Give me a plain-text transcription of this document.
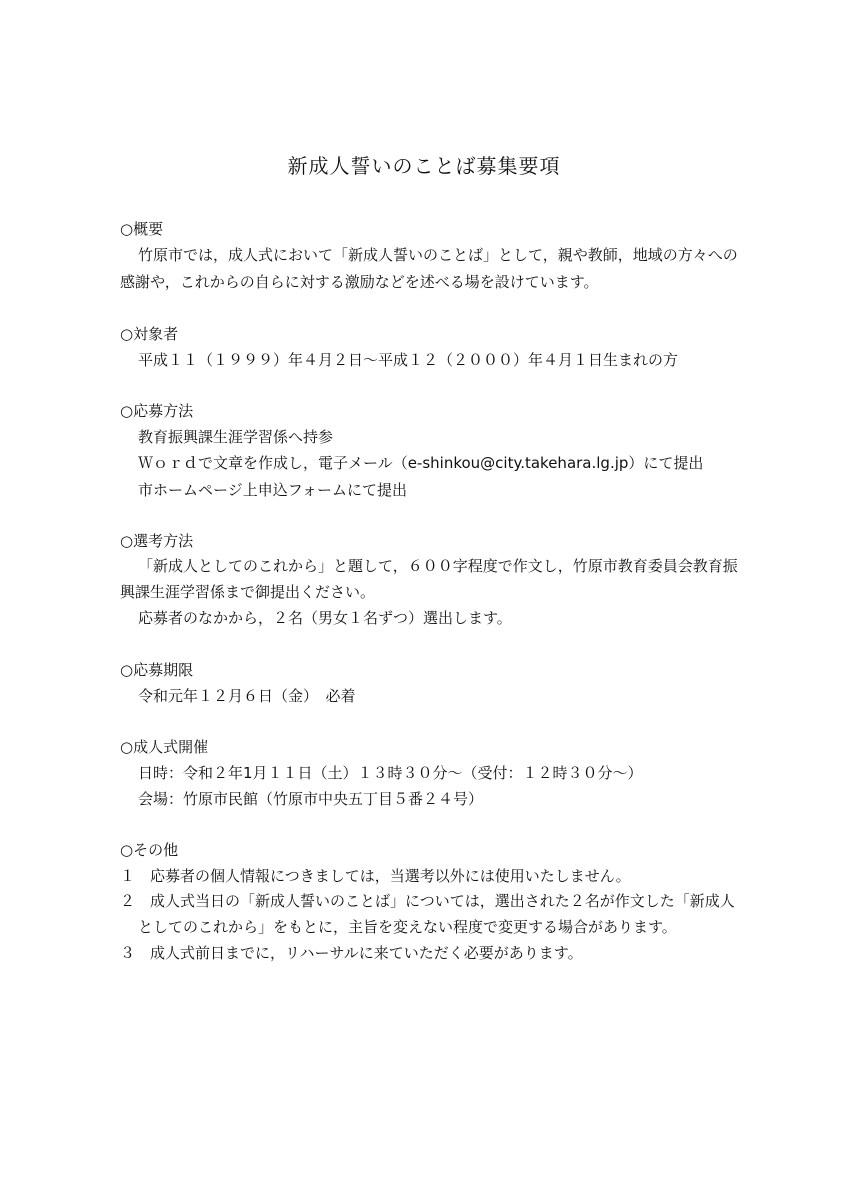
新成人誓いのことば募集要項
○概要
竹原市では，成人式において「新成人誓いのことば」として，親や教師，地域の方々への
感謝や，これからの自らに対する激励などを述べる場を設けています。
○対象者
平成１１（１９９９）年４月２日～平成１２（２０００）年４月１日生まれの方
○応募方法
教育振興課生涯学習係へ持参
Ｗｏｒｄで文章を作成し，電子メール（e-shinkou@city.takehara.lg.jp）にて提出
市ホームページ上申込フォームにて提出
○選考方法
「新成人としてのこれから」と題して，６００字程度で作文し，竹原市教育委員会教育振
興課生涯学習係まで御提出ください。
応募者のなかから，２名（男女１名ずつ）選出します。
○応募期限
令和元年１２月６日（金）　必着
○成人式開催
日時：令和２年1月１１日（土）１３時３０分～（受付：１２時３０分～）
会場：竹原市民館（竹原市中央五丁目５番２４号）
○その他
１　応募者の個人情報につきましては，当選考以外には使用いたしません。
２　成人式当日の「新成人誓いのことば」については，選出された２名が作文した「新成人
としてのこれから」をもとに，主旨を変えない程度で変更する場合があります。
３　成人式前日までに，リハーサルに来ていただく必要があります。
